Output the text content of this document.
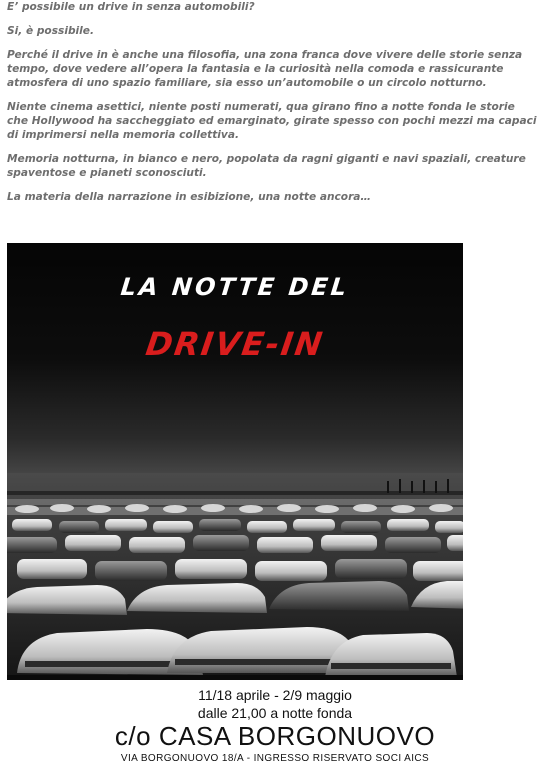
E’ possibile un drive in senza automobili?

Si, è possibile.

Perché il drive in è anche una filosofia, una zona franca dove vivere delle storie senza tempo, dove vedere all’opera la fantasia e la curiosità nella comoda e rassicurante atmosfera di uno spazio familiare, sia esso un’automobile o un circolo notturno.

Niente cinema asettici, niente posti numerati, qua girano fino a notte fonda le storie che Hollywood ha saccheggiato ed emarginato, girate spesso con pochi mezzi ma capaci di imprimersi nella memoria collettiva.

Memoria notturna, in bianco e nero, popolata da ragni giganti e navi spaziali, creature spaventose e pianeti sconosciuti.

La materia della narrazione in esibizione, una notte ancora…

LA NOTTE DEL
DRIVE-IN
11/18 aprile - 2/9 maggio
dalle 21,00 a notte fonda
c/o CASA BORGONUOVO
VIA BORGONUOVO 18/A - INGRESSO RISERVATO SOCI AICS
